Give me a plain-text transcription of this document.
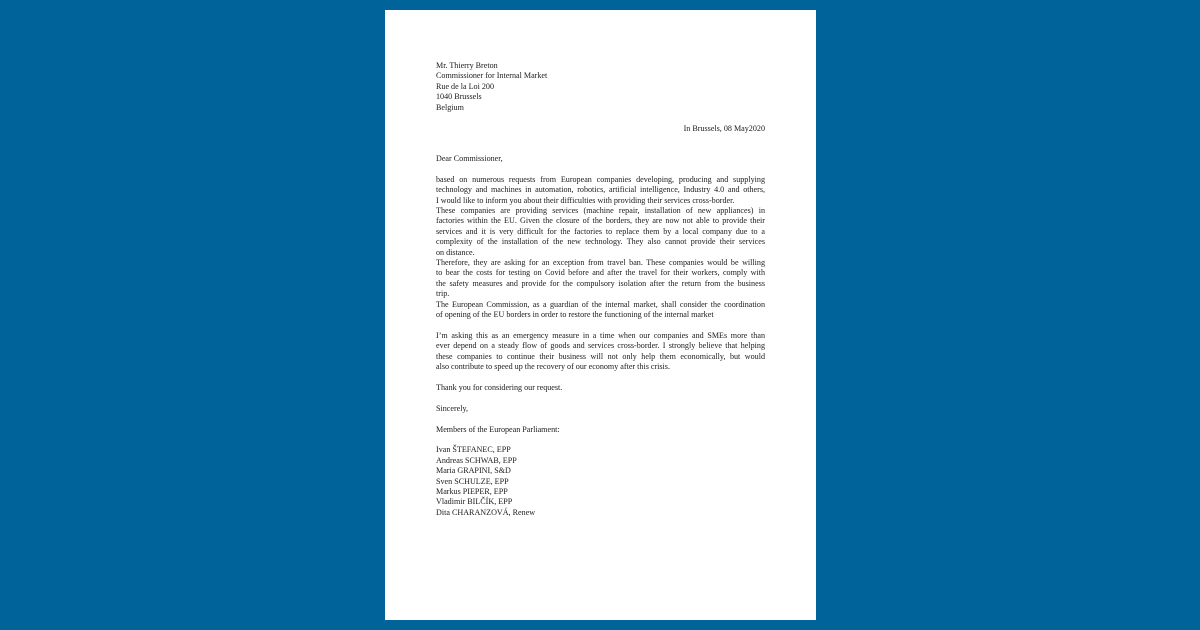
Mr. Thierry Breton
Commissioner for Internal Market
Rue de la Loi 200
1040 Brussels
Belgium
In Brussels, 08 May2020
Dear Commissioner,
based on numerous requests from European companies developing, producing and supplying
technology and machines in automation, robotics, artificial intelligence, Industry 4.0 and others,
I would like to inform you about their difficulties with providing their services cross-border.
These companies are providing services (machine repair, installation of new appliances) in
factories within the EU. Given the closure of the borders, they are now not able to provide their
services and it is very difficult for the factories to replace them by a local company due to a
complexity of the installation of the new technology. They also cannot provide their services
on distance.
Therefore, they are asking for an exception from travel ban. These companies would be willing
to bear the costs for testing on Covid before and after the travel for their workers, comply with
the safety measures and provide for the compulsory isolation after the return from the business
trip.
The European Commission, as a guardian of the internal market, shall consider the coordination
of opening of the EU borders in order to restore the functioning of the internal market
I’m asking this as an emergency measure in a time when our companies and SMEs more than
ever depend on a steady flow of goods and services cross-border. I strongly believe that helping
these companies to continue their business will not only help them economically, but would
also contribute to speed up the recovery of our economy after this crisis.
Thank you for considering our request.
Sincerely,
Members of the European Parliament:
Ivan ŠTEFANEC, EPP
Andreas SCHWAB, EPP
Maria GRAPINI, S&D
Sven SCHULZE, EPP
Markus PIEPER, EPP
Vladimir BILČÍK, EPP
Dita CHARANZOVÁ, Renew
